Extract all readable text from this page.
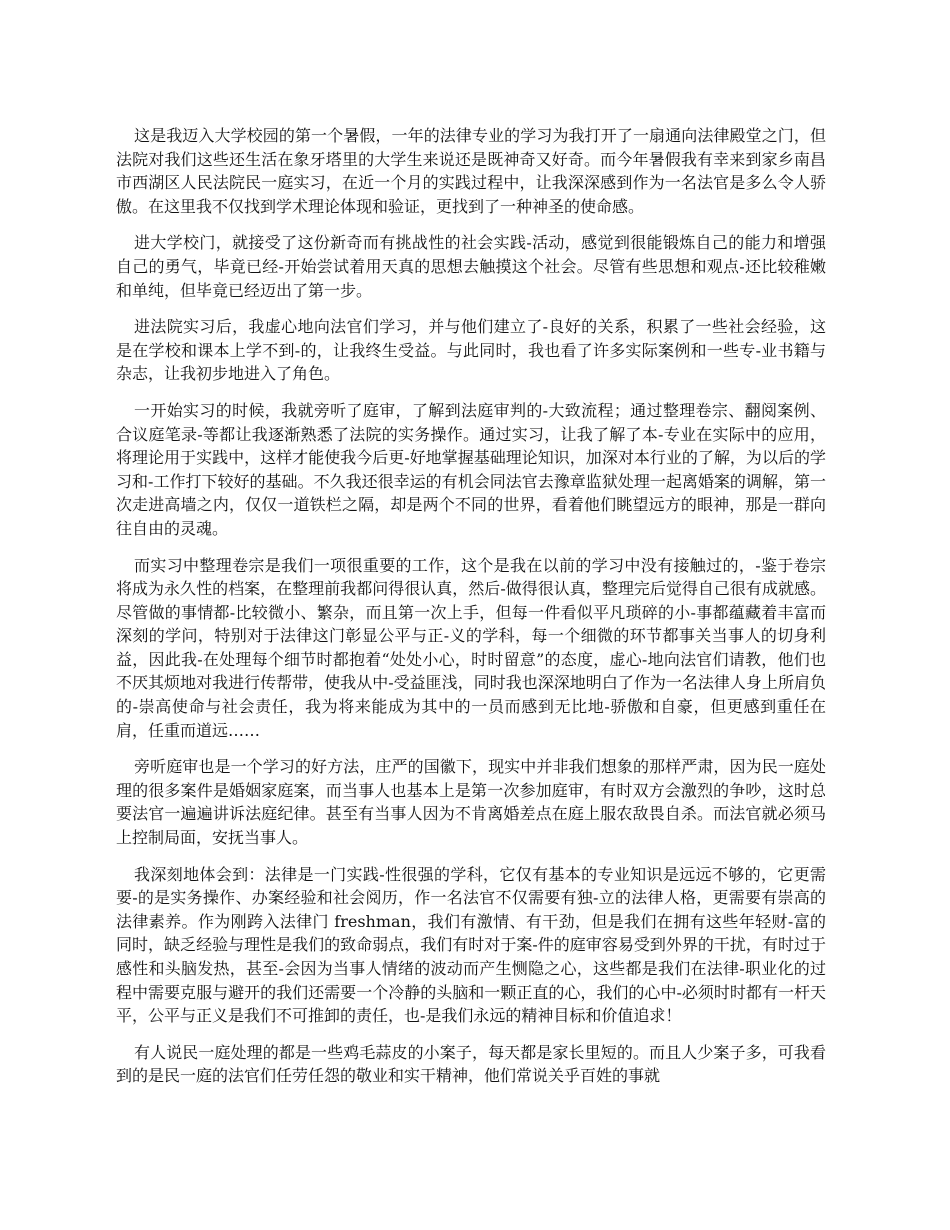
这是我迈入大学校园的第一个暑假，一年的法律专业的学习为我打开了一扇通向法律殿堂之门，但法院对我们这些还生活在象牙塔里的大学生来说还是既神奇又好奇。而今年暑假我有幸来到家乡南昌市西湖区人民法院民一庭实习，在近一个月的实践过程中，让我深深感到作为一名法官是多么令人骄傲。在这里我不仅找到学术理论体现和验证，更找到了一种神圣的使命感。

进大学校门，就接受了这份新奇而有挑战性的社会实践-活动，感觉到很能锻炼自己的能力和增强自己的勇气，毕竟已经-开始尝试着用天真的思想去触摸这个社会。尽管有些思想和观点-还比较稚嫩和单纯，但毕竟已经迈出了第一步。

进法院实习后，我虚心地向法官们学习，并与他们建立了-良好的关系，积累了一些社会经验，这是在学校和课本上学不到-的，让我终生受益。与此同时，我也看了许多实际案例和一些专-业书籍与杂志，让我初步地进入了角色。

一开始实习的时候，我就旁听了庭审，了解到法庭审判的-大致流程；通过整理卷宗、翻阅案例、合议庭笔录-等都让我逐渐熟悉了法院的实务操作。通过实习，让我了解了本-专业在实际中的应用，将理论用于实践中，这样才能使我今后更-好地掌握基础理论知识，加深对本行业的了解，为以后的学习和-工作打下较好的基础。不久我还很幸运的有机会同法官去豫章监狱处理一起离婚案的调解，第一次走进高墙之内，仅仅一道铁栏之隔，却是两个不同的世界，看着他们眺望远方的眼神，那是一群向往自由的灵魂。

而实习中整理卷宗是我们一项很重要的工作，这个是我在以前的学习中没有接触过的，-鉴于卷宗将成为永久性的档案，在整理前我都问得很认真，然后-做得很认真，整理完后觉得自己很有成就感。尽管做的事情都-比较微小、繁杂，而且第一次上手，但每一件看似平凡琐碎的小-事都蕴藏着丰富而深刻的学问，特别对于法律这门彰显公平与正-义的学科，每一个细微的环节都事关当事人的切身利益，因此我-在处理每个细节时都抱着“处处小心，时时留意”的态度，虚心-地向法官们请教，他们也不厌其烦地对我进行传帮带，使我从中-受益匪浅，同时我也深深地明白了作为一名法律人身上所肩负的-崇高使命与社会责任，我为将来能成为其中的一员而感到无比地-骄傲和自豪，但更感到重任在肩，任重而道远……

旁听庭审也是一个学习的好方法，庄严的国徽下，现实中并非我们想象的那样严肃，因为民一庭处理的很多案件是婚姻家庭案，而当事人也基本上是第一次参加庭审，有时双方会激烈的争吵，这时总要法官一遍遍讲诉法庭纪律。甚至有当事人因为不肯离婚差点在庭上服农敌畏自杀。而法官就必须马上控制局面，安抚当事人。

我深刻地体会到：法律是一门实践-性很强的学科，它仅有基本的专业知识是远远不够的，它更需要-的是实务操作、办案经验和社会阅历，作一名法官不仅需要有独-立的法律人格，更需要有崇高的法律素养。作为刚跨入法律门 freshman，我们有激情、有干劲，但是我们在拥有这些年轻财-富的同时，缺乏经验与理性是我们的致命弱点，我们有时对于案-件的庭审容易受到外界的干扰，有时过于感性和头脑发热，甚至-会因为当事人情绪的波动而产生恻隐之心，这些都是我们在法律-职业化的过程中需要克服与避开的我们还需要一个冷静的头脑和一颗正直的心，我们的心中-必须时时都有一杆天平，公平与正义是我们不可推卸的责任，也-是我们永远的精神目标和价值追求！

有人说民一庭处理的都是一些鸡毛蒜皮的小案子，每天都是家长里短的。而且人少案子多，可我看到的是民一庭的法官们任劳任怨的敬业和实干精神，他们常说关乎百姓的事就
